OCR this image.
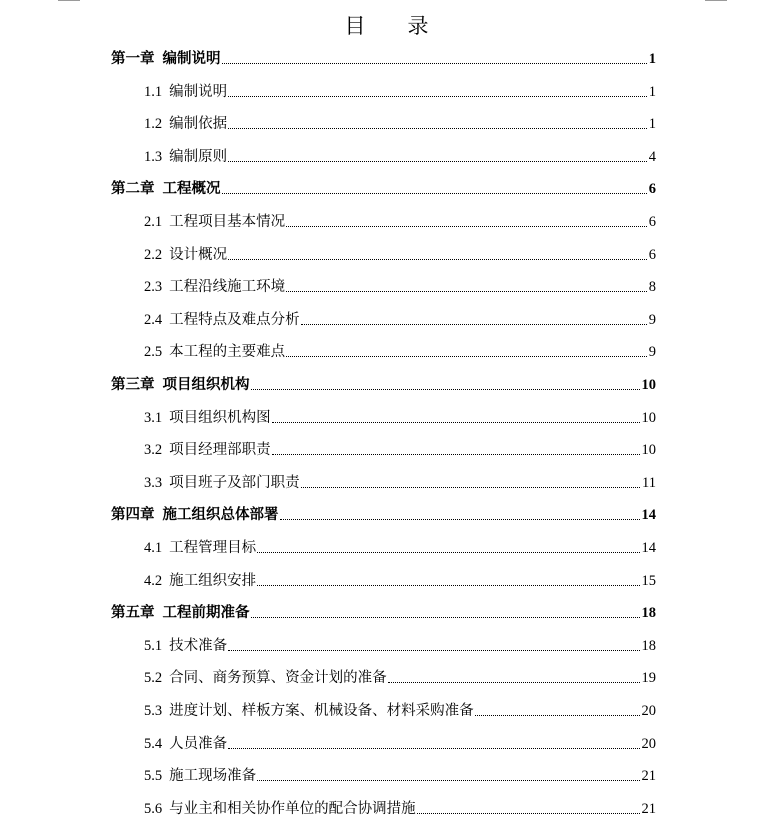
目 录
第一章 编制说明	1
1.1 编制说明	1
1.2 编制依据	1
1.3 编制原则	4
第二章 工程概况	6
2.1 工程项目基本情况	6
2.2 设计概况	6
2.3 工程沿线施工环境	8
2.4 工程特点及难点分析	9
2.5 本工程的主要难点	9
第三章 项目组织机构	10
3.1 项目组织机构图	10
3.2 项目经理部职责	10
3.3 项目班子及部门职责	11
第四章 施工组织总体部署	14
4.1 工程管理目标	14
4.2 施工组织安排	15
第五章 工程前期准备	18
5.1 技术准备	18
5.2 合同、商务预算、资金计划的准备	19
5.3 进度计划、样板方案、机械设备、材料采购准备	20
5.4 人员准备	20
5.5 施工现场准备	21
5.6 与业主和相关协作单位的配合协调措施	21
